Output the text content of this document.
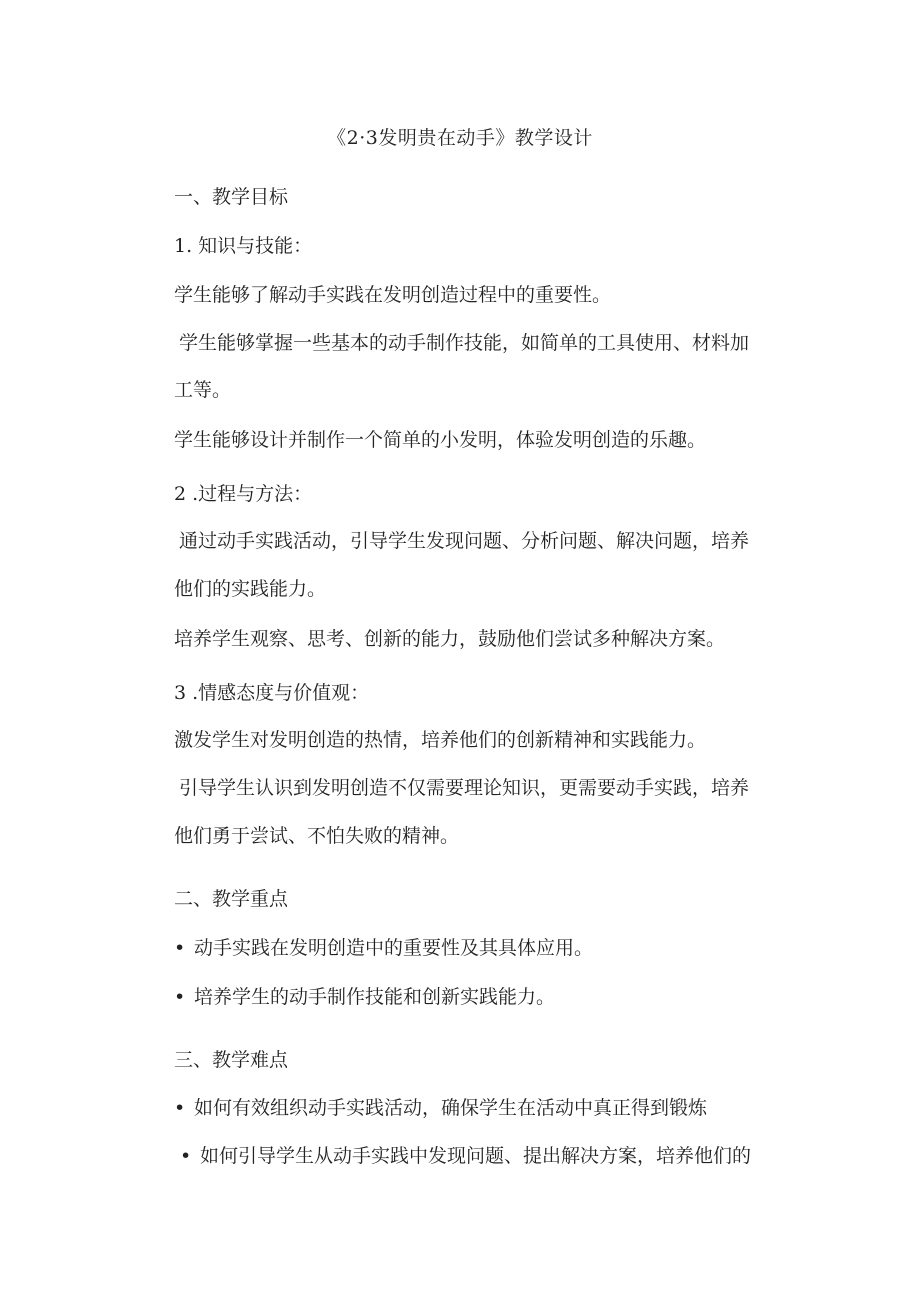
《2·3发明贵在动手》教学设计
一、教学目标
1. 知识与技能：
学生能够了解动手实践在发明创造过程中的重要性。
学生能够掌握一些基本的动手制作技能，如简单的工具使用、材料加
工等。
学生能够设计并制作一个简单的小发明，体验发明创造的乐趣。
2 .过程与方法：
通过动手实践活动，引导学生发现问题、分析问题、解决问题，培养
他们的实践能力。
培养学生观察、思考、创新的能力，鼓励他们尝试多种解决方案。
3 .情感态度与价值观：
激发学生对发明创造的热情，培养他们的创新精神和实践能力。
引导学生认识到发明创造不仅需要理论知识，更需要动手实践，培养
他们勇于尝试、不怕失败的精神。
二、教学重点
• 动手实践在发明创造中的重要性及其具体应用。
• 培养学生的动手制作技能和创新实践能力。
三、教学难点
• 如何有效组织动手实践活动，确保学生在活动中真正得到锻炼
• 如何引导学生从动手实践中发现问题、提出解决方案，培养他们的
